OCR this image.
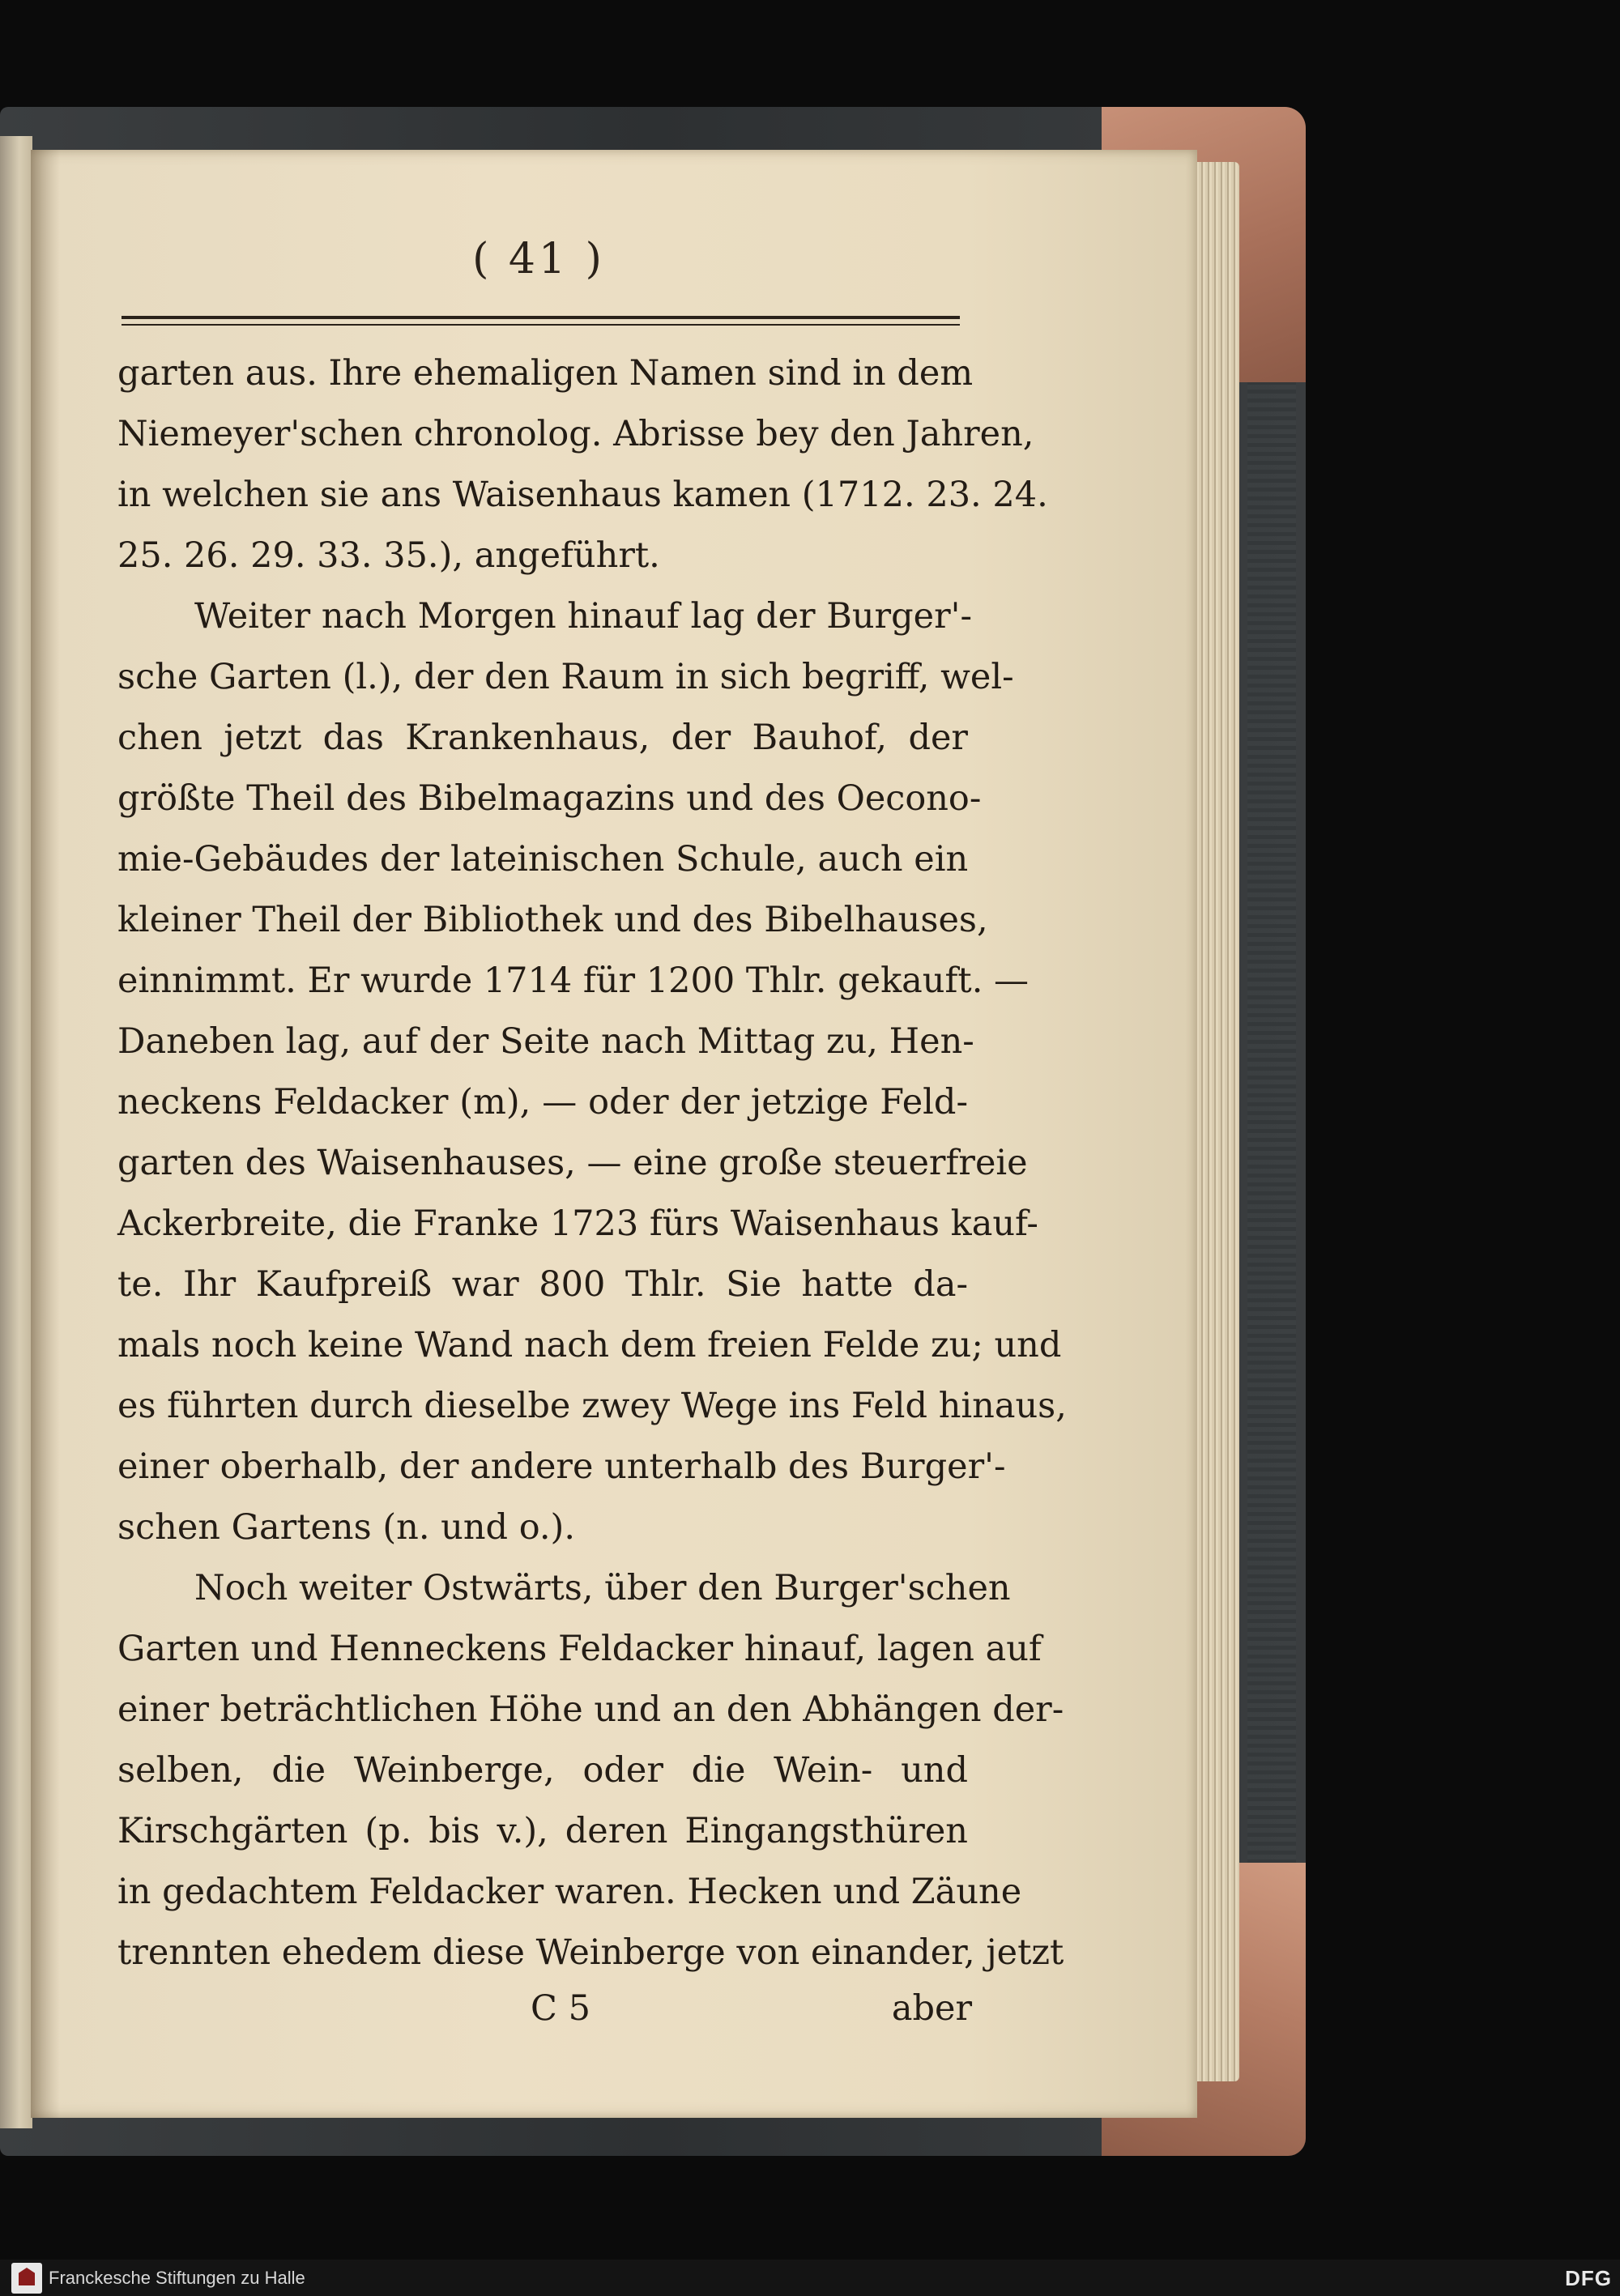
( 41 )
garten aus. Ihre ehemaligen Namen sind in dem
Niemeyer'schen chronolog. Abrisse bey den Jahren,
in welchen sie ans Waisenhaus kamen (1712. 23. 24.
25. 26. 29. 33. 35.), angeführt.
Weiter nach Morgen hinauf lag der Burger'-
sche Garten (l.), der den Raum in sich begriff, wel-
chen jetzt das Krankenhaus, der Bauhof, der
größte Theil des Bibelmagazins und des Oecono-
mie-Gebäudes der lateinischen Schule, auch ein
kleiner Theil der Bibliothek und des Bibelhauses,
einnimmt. Er wurde 1714 für 1200 Thlr. gekauft. —
Daneben lag, auf der Seite nach Mittag zu, Hen-
neckens Feldacker (m), — oder der jetzige Feld-
garten des Waisenhauses, — eine große steuerfreie
Ackerbreite, die Franke 1723 fürs Waisenhaus kauf-
te. Ihr Kaufpreiß war 800 Thlr. Sie hatte da-
mals noch keine Wand nach dem freien Felde zu; und
es führten durch dieselbe zwey Wege ins Feld hinaus,
einer oberhalb, der andere unterhalb des Burger'-
schen Gartens (n. und o.).
Noch weiter Ostwärts, über den Burger'schen
Garten und Henneckens Feldacker hinauf, lagen auf
einer beträchtlichen Höhe und an den Abhängen der-
selben, die Weinberge, oder die Wein- und
Kirschgärten (p. bis v.), deren Eingangsthüren
in gedachtem Feldacker waren. Hecken und Zäune
trennten ehedem diese Weinberge von einander, jetzt
C 5	aber
Franckesche Stiftungen zu Halle	DFG
